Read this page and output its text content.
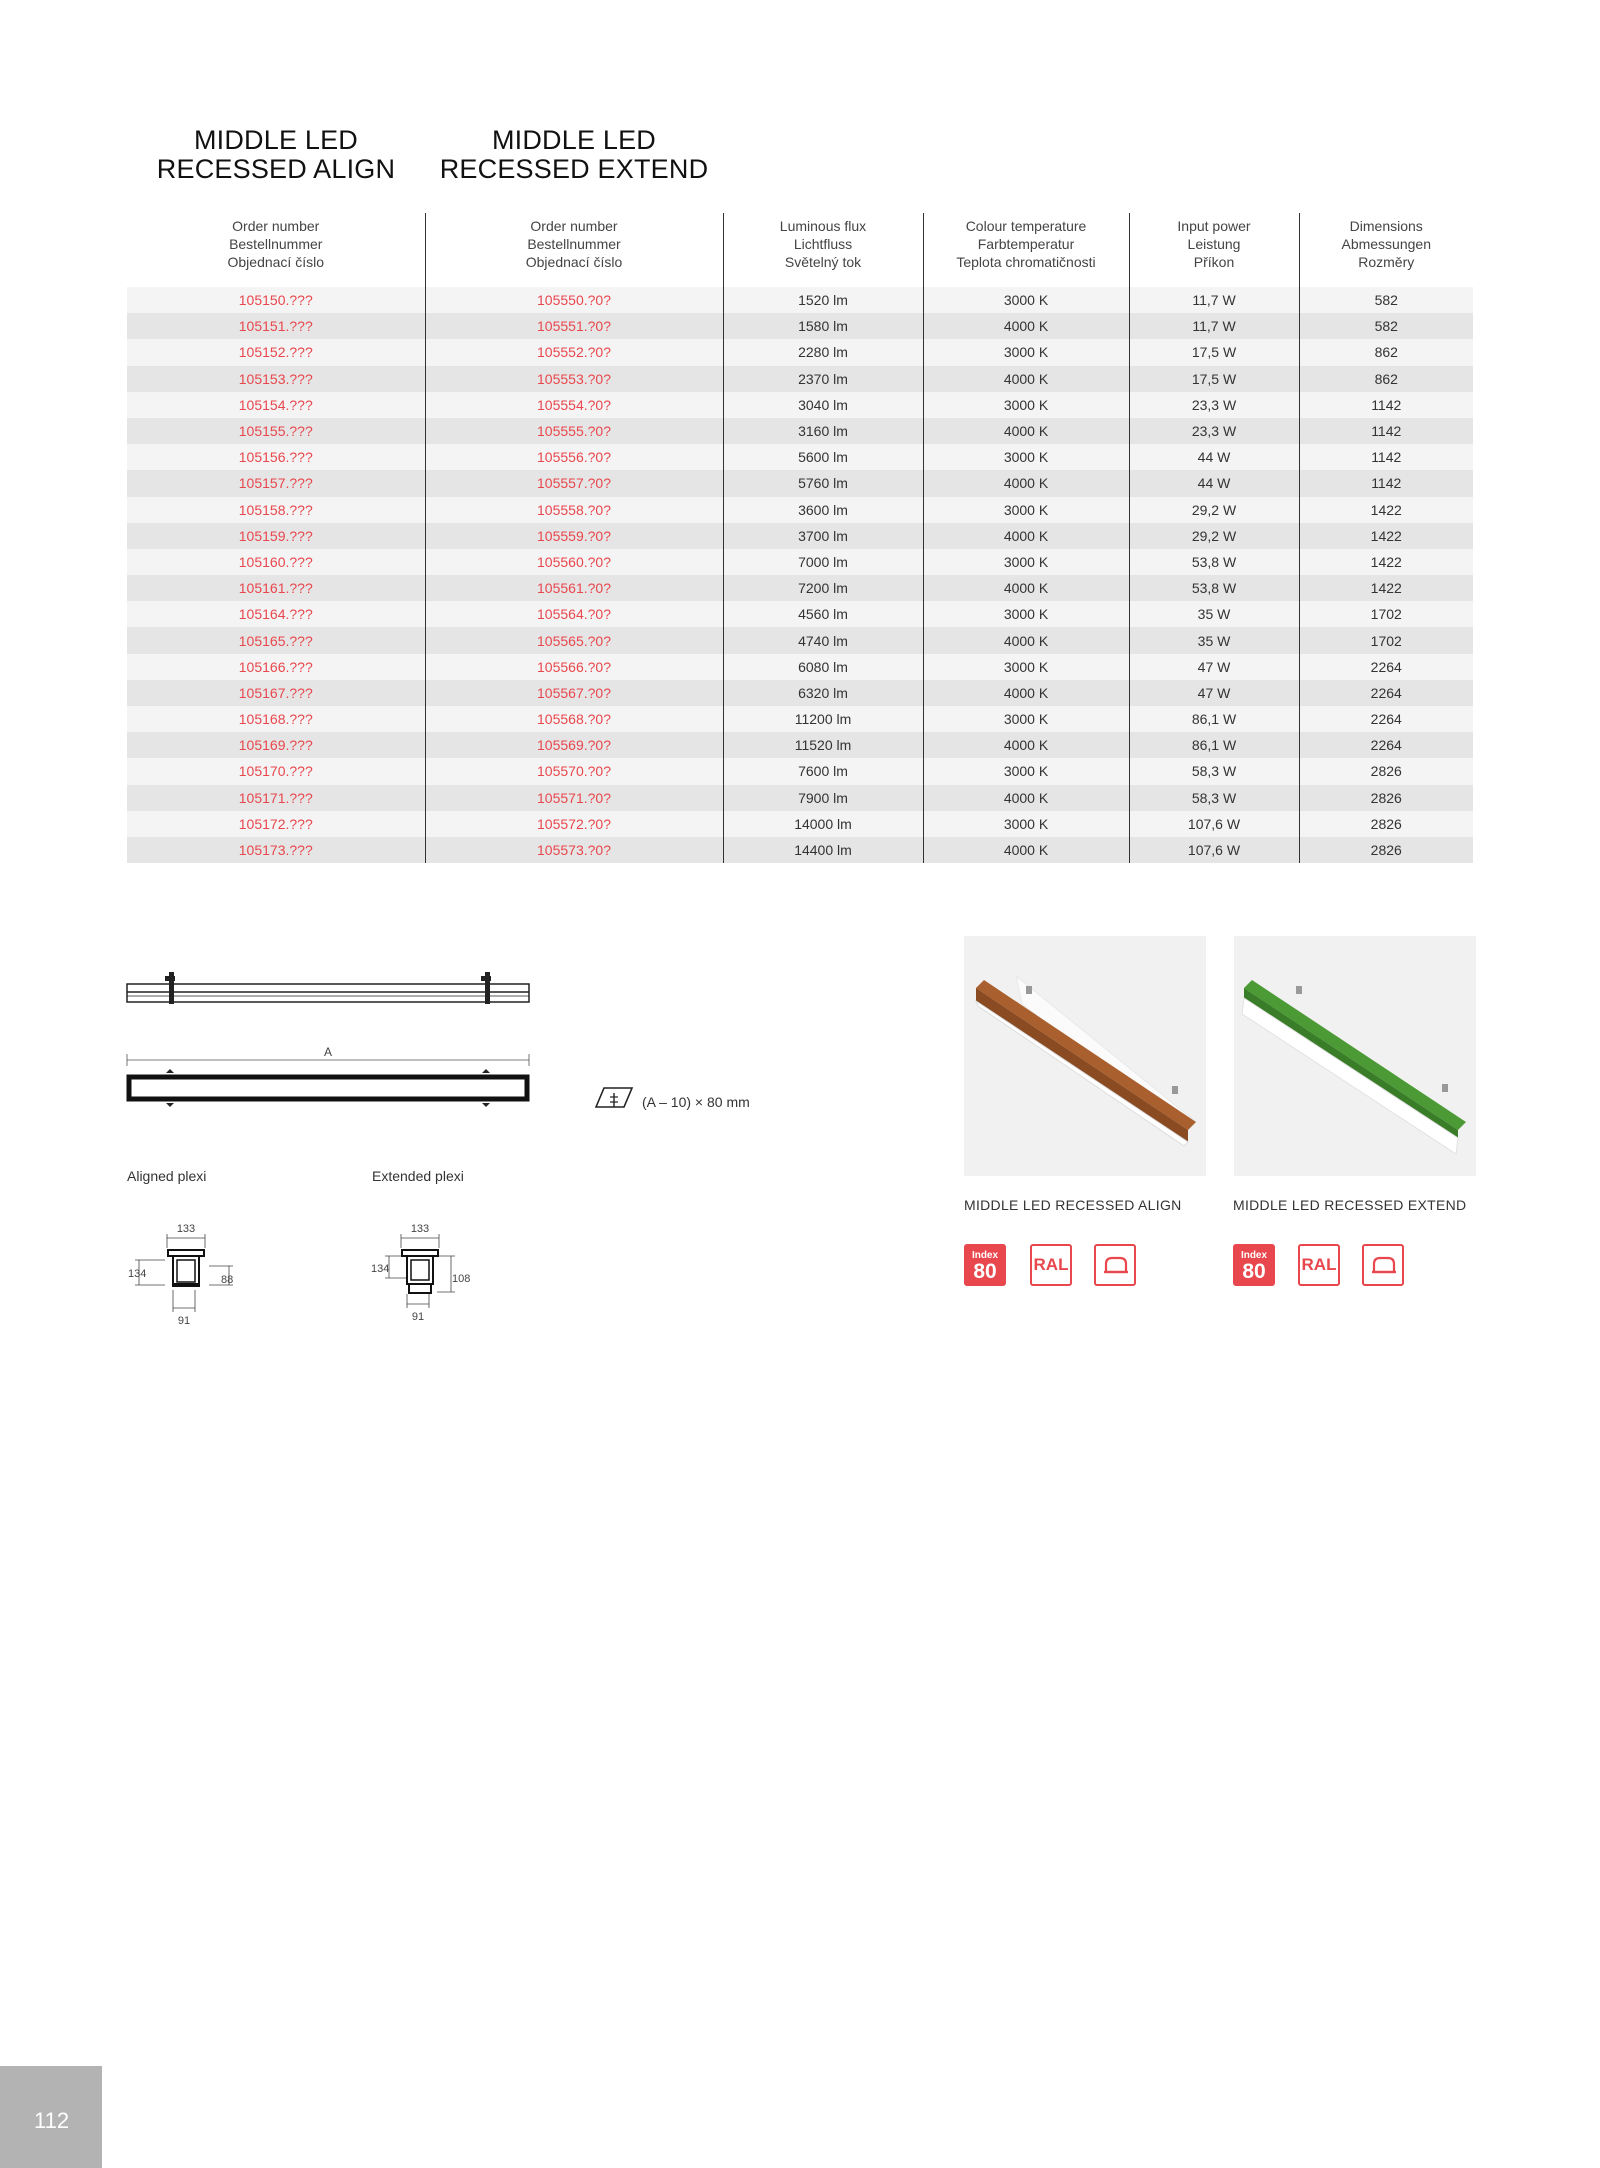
MIDDLE LED RECESSED ALIGN
MIDDLE LED RECESSED EXTEND
Order number
Bestellnummer
Objednací číslo	Order number
Bestellnummer
Objednací číslo	Luminous flux
Lichtfluss
Světelný tok	Colour temperature
Farbtemperatur
Teplota chromatičnosti	Input power
Leistung
Příkon	Dimensions
Abmessungen
Rozměry

105150.???	105550.?0?	1520 lm	3000 K	11,7 W	582
105151.???	105551.?0?	1580 lm	4000 K	11,7 W	582
105152.???	105552.?0?	2280 lm	3000 K	17,5 W	862
105153.???	105553.?0?	2370 lm	4000 K	17,5 W	862
105154.???	105554.?0?	3040 lm	3000 K	23,3 W	1142
105155.???	105555.?0?	3160 lm	4000 K	23,3 W	1142
105156.???	105556.?0?	5600 lm	3000 K	44 W	1142
105157.???	105557.?0?	5760 lm	4000 K	44 W	1142
105158.???	105558.?0?	3600 lm	3000 K	29,2 W	1422
105159.???	105559.?0?	3700 lm	4000 K	29,2 W	1422
105160.???	105560.?0?	7000 lm	3000 K	53,8 W	1422
105161.???	105561.?0?	7200 lm	4000 K	53,8 W	1422
105164.???	105564.?0?	4560 lm	3000 K	35 W	1702
105165.???	105565.?0?	4740 lm	4000 K	35 W	1702
105166.???	105566.?0?	6080 lm	3000 K	47 W	2264
105167.???	105567.?0?	6320 lm	4000 K	47 W	2264
105168.???	105568.?0?	11200 lm	3000 K	86,1 W	2264
105169.???	105569.?0?	11520 lm	4000 K	86,1 W	2264
105170.???	105570.?0?	7600 lm	3000 K	58,3 W	2826
105171.???	105571.?0?	7900 lm	4000 K	58,3 W	2826
105172.???	105572.?0?	14000 lm	3000 K	107,6 W	2826
105173.???	105573.?0?	14400 lm	4000 K	107,6 W	2826
A
(A – 10) × 80 mm
Aligned plexi	Extended plexi
133
134	88
91
133
134
108
91
MIDDLE LED RECESSED ALIGN	MIDDLE LED RECESSED EXTEND
Index
80	RAL	Index
80	RAL
112
